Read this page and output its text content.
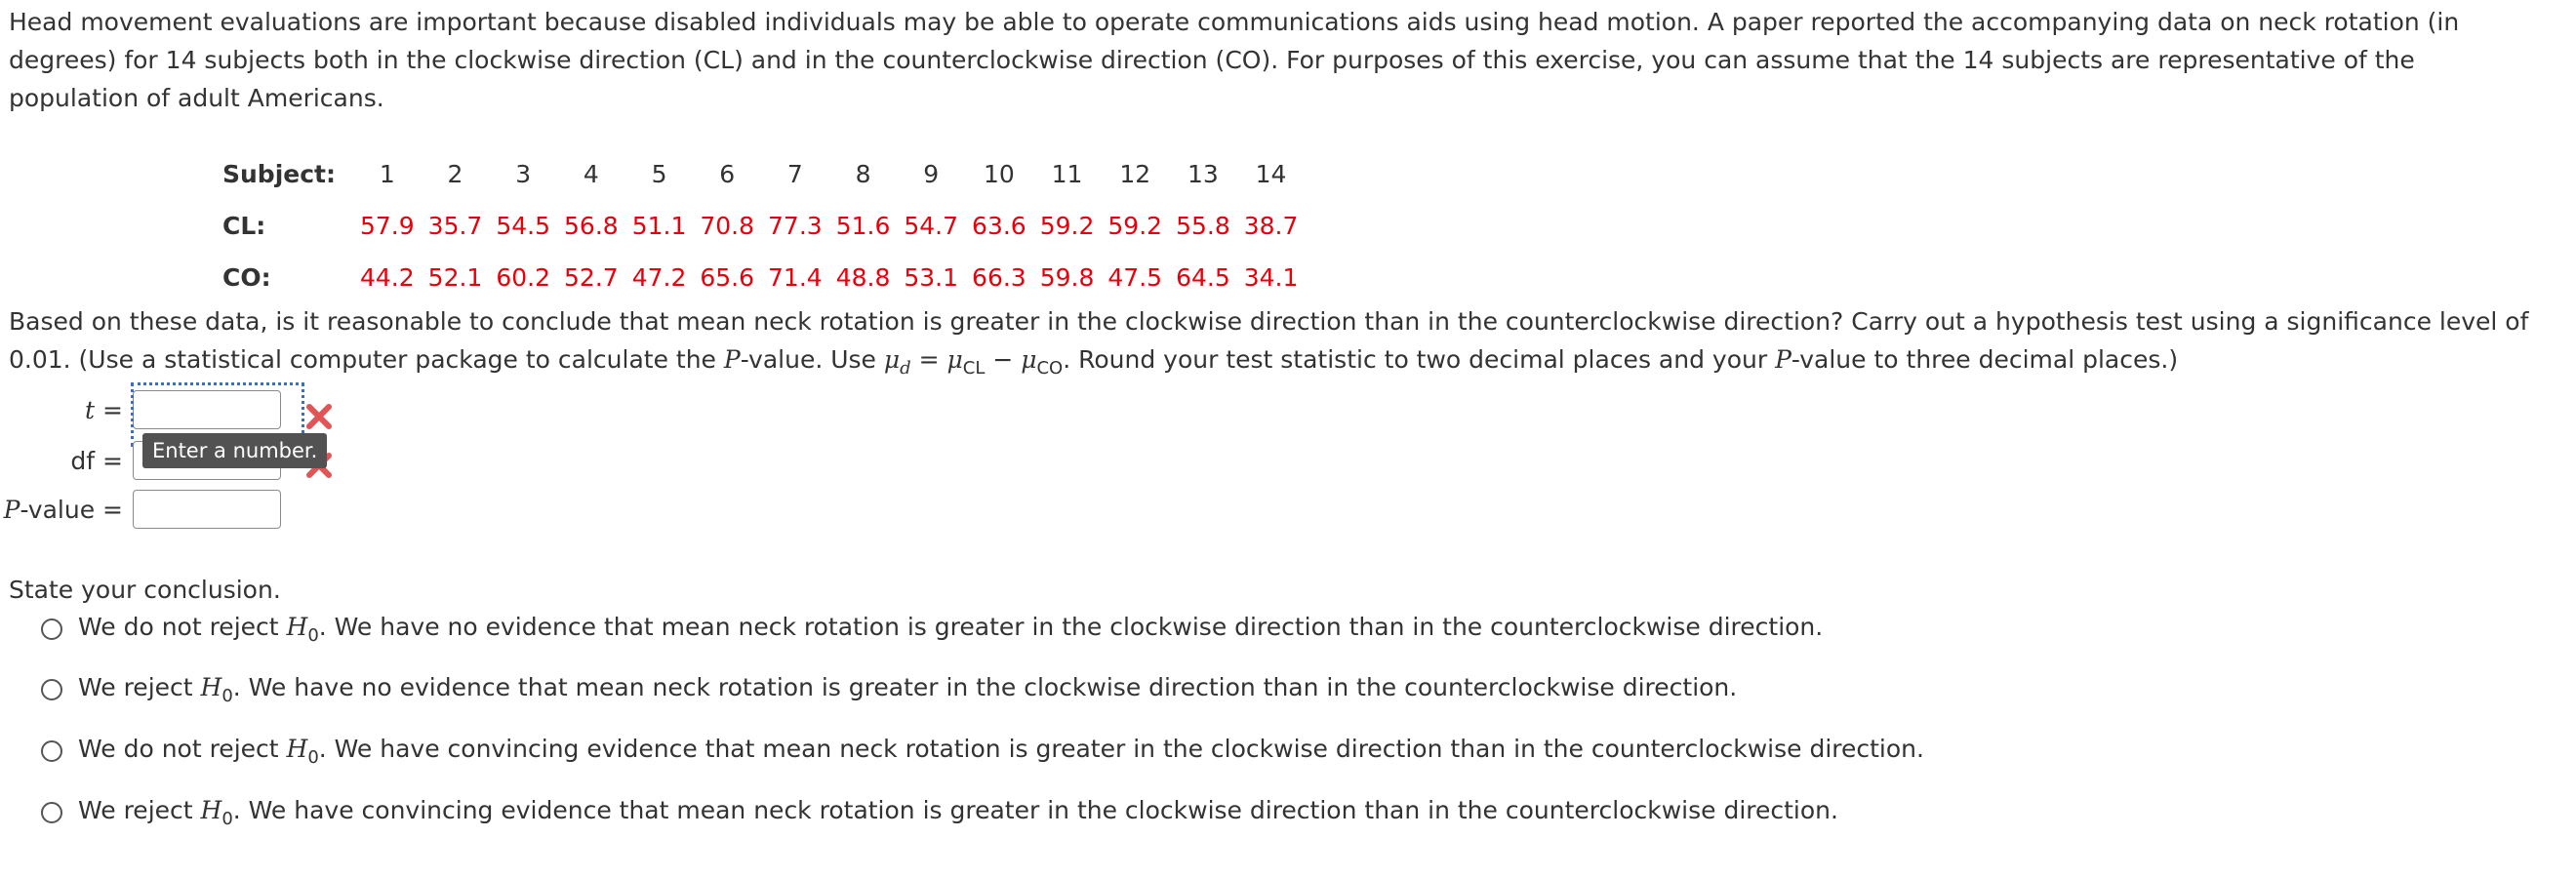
Head movement evaluations are important because disabled individuals may be able to operate communications aids using head motion. A paper reported the accompanying data on neck rotation (in degrees) for 14 subjects both in the clockwise direction (CL) and in the counterclockwise direction (CO). For purposes of this exercise, you can assume that the 14 subjects are representative of the population of adult Americans.

Subject:	1	2	3	4	5	6	7	8	9	10	11	12	13	14
CL:	57.9	35.7	54.5	56.8	51.1	70.8	77.3	51.6	54.7	63.6	59.2	59.2	55.8	38.7
CO:	44.2	52.1	60.2	52.7	47.2	65.6	71.4	48.8	53.1	66.3	59.8	47.5	64.5	34.1

Based on these data, is it reasonable to conclude that mean neck rotation is greater in the clockwise direction than in the counterclockwise direction? Carry out a hypothesis test using a significance level of 0.01. (Use a statistical computer package to calculate the P-value. Use $\mu_d = \mu_{CL} - \mu_{CO}$. Round your test statistic to two decimal places and your P-value to three decimal places.)

t =
df =	Enter a number.
P-value =
State your conclusion.
We do not reject $H_0$. We have no evidence that mean neck rotation is greater in the clockwise direction than in the counterclockwise direction.
We reject $H_0$. We have no evidence that mean neck rotation is greater in the clockwise direction than in the counterclockwise direction.
We do not reject $H_0$. We have convincing evidence that mean neck rotation is greater in the clockwise direction than in the counterclockwise direction.
We reject $H_0$. We have convincing evidence that mean neck rotation is greater in the clockwise direction than in the counterclockwise direction.
